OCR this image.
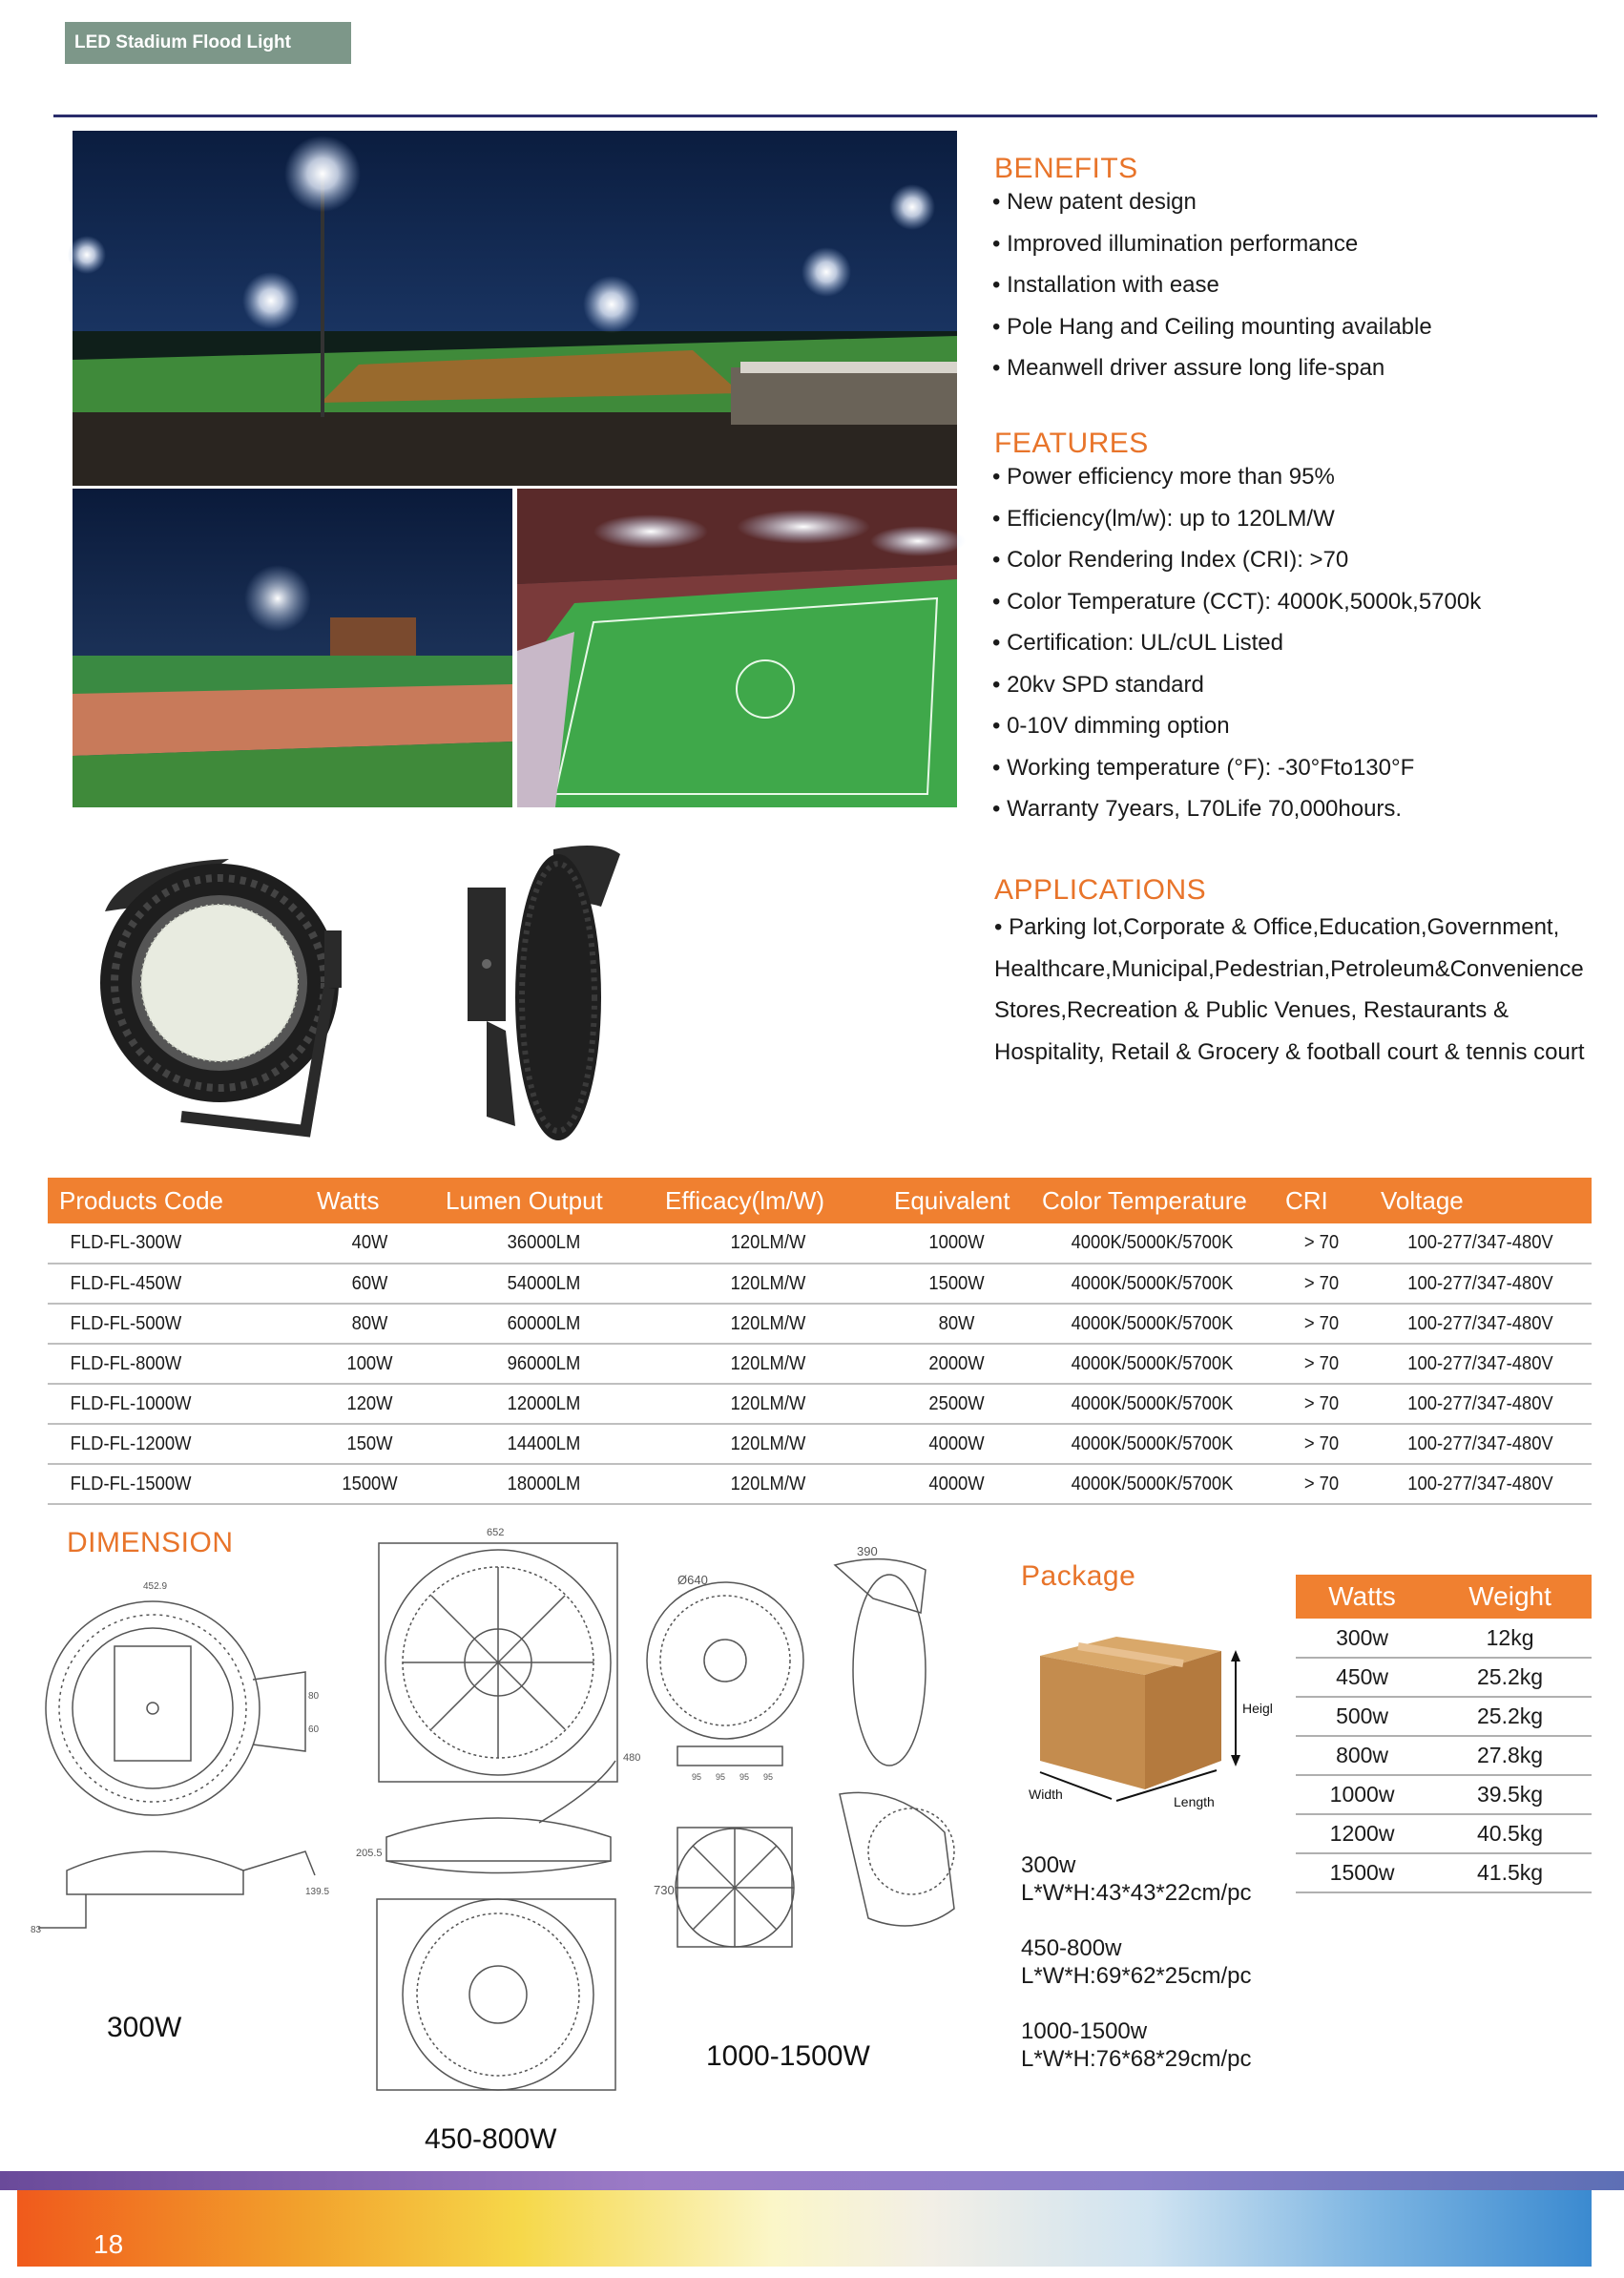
LED Stadium Flood Light
BENEFITS
• New patent design
• Improved illumination performance
• Installation with ease
• Pole Hang and Ceiling mounting available
• Meanwell driver assure long life-span
FEATURES
• Power efficiency more than 95%
• Efficiency(lm/w): up to 120LM/W
• Color Rendering Index (CRI): >70
• Color Temperature (CCT): 4000K,5000k,5700k
• Certification: UL/cUL Listed
• 20kv SPD standard
• 0-10V dimming option
• Working temperature (°F): -30°Fto130°F
• Warranty 7years, L70Life 70,000hours.
APPLICATIONS
• Parking lot,Corporate & Office,Education,Government,
Healthcare,Municipal,Pedestrian,Petroleum&Convenience
Stores,Recreation & Public Venues, Restaurants &
Hospitality, Retail & Grocery & football court & tennis court
Products Code	Watts	Lumen Output	Efficacy(lm/W)	Equivalent	Color Temperature	CRI	Voltage
FLD-FL-300W	40W	36000LM	120LM/W	1000W	4000K/5000K/5700K	> 70	100-277/347-480V
FLD-FL-450W	60W	54000LM	120LM/W	1500W	4000K/5000K/5700K	> 70	100-277/347-480V
FLD-FL-500W	80W	60000LM	120LM/W	80W	4000K/5000K/5700K	> 70	100-277/347-480V
FLD-FL-800W	100W	96000LM	120LM/W	2000W	4000K/5000K/5700K	> 70	100-277/347-480V
FLD-FL-1000W	120W	12000LM	120LM/W	2500W	4000K/5000K/5700K	> 70	100-277/347-480V
FLD-FL-1200W	150W	14400LM	120LM/W	4000W	4000K/5000K/5700K	> 70	100-277/347-480V
FLD-FL-1500W	1500W	18000LM	120LM/W	4000W	4000K/5000K/5700K	> 70	100-277/347-480V
DIMENSION
452.9
80
60
139.5
83
300W
652
205.5
480
450-800W
Ø640
390
730
95 95 95 95
1000-1500W
Package
Heigl
Width	Length
300w
L*W*H:43*43*22cm/pc
450-800w
L*W*H:69*62*25cm/pc
1000-1500w
L*W*H:76*68*29cm/pc
Watts	Weight
300w	12kg
450w	25.2kg
500w	25.2kg
800w	27.8kg
1000w	39.5kg
1200w	40.5kg
1500w	41.5kg
18
